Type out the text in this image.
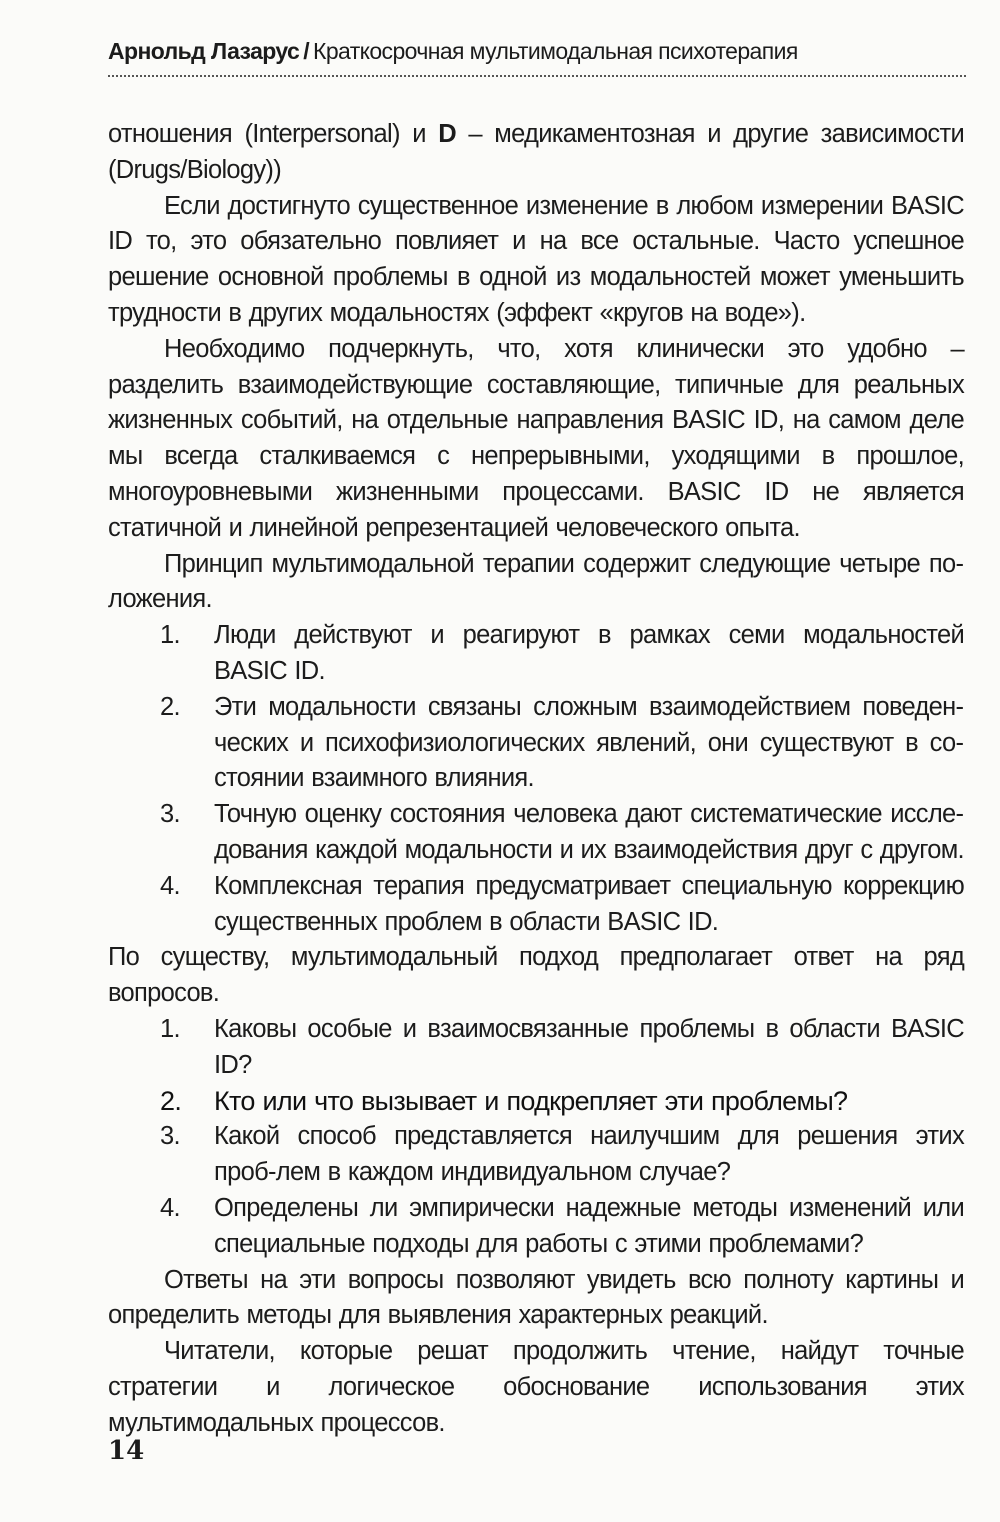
Арнольд Лазарус / Краткосрочная мультимодальная психотерапия

отношения (Interpersonal) и D – медикаментозная и другие зависимости (Drugs/Biology))

Если достигнуто существенное изменение в любом измерении BASIC ID то, это обязательно повлияет и на все остальные. Часто успешное решение основной проблемы в одной из модальностей может уменьшить трудности в других модальностях (эффект «кругов на воде»).

Необходимо подчеркнуть, что, хотя клинически это удобно – разделить взаимодействующие составляющие, типичные для реальных жизненных событий, на отдельные направления BASIC ID, на самом деле мы всегда сталкиваемся с непрерывными, уходящими в прошлое, многоуровневыми жизненными процессами. BASIC ID не является статичной и линейной репрезентацией человеческого опыта.

Принцип мультимодальной терапии содержит следующие четыре положения.

1. Люди действуют и реагируют в рамках семи модальностей BASIC ID.
2. Эти модальности связаны сложным взаимодействием поведенческих и психофизиологических явлений, они существуют в состоянии взаимного влияния.
3. Точную оценку состояния человека дают систематические исследования каждой модальности и их взаимодействия друг с другом.
4. Комплексная терапия предусматривает специальную коррекцию существенных проблем в области BASIC ID.

По существу, мультимодальный подход предполагает ответ на ряд вопросов.

1. Каковы особые и взаимосвязанные проблемы в области BASIC ID?
2. Кто или что вызывает и подкрепляет эти проблемы?
3. Какой способ представляется наилучшим для решения этих проб-лем в каждом индивидуальном случае?
4. Определены ли эмпирически надежные методы изменений или специальные подходы для работы с этими проблемами?

Ответы на эти вопросы позволяют увидеть всю полноту картины и определить методы для выявления характерных реакций.

Читатели, которые решат продолжить чтение, найдут точные стратегии и логическое обоснование использования этих мультимодальных процессов.

14
